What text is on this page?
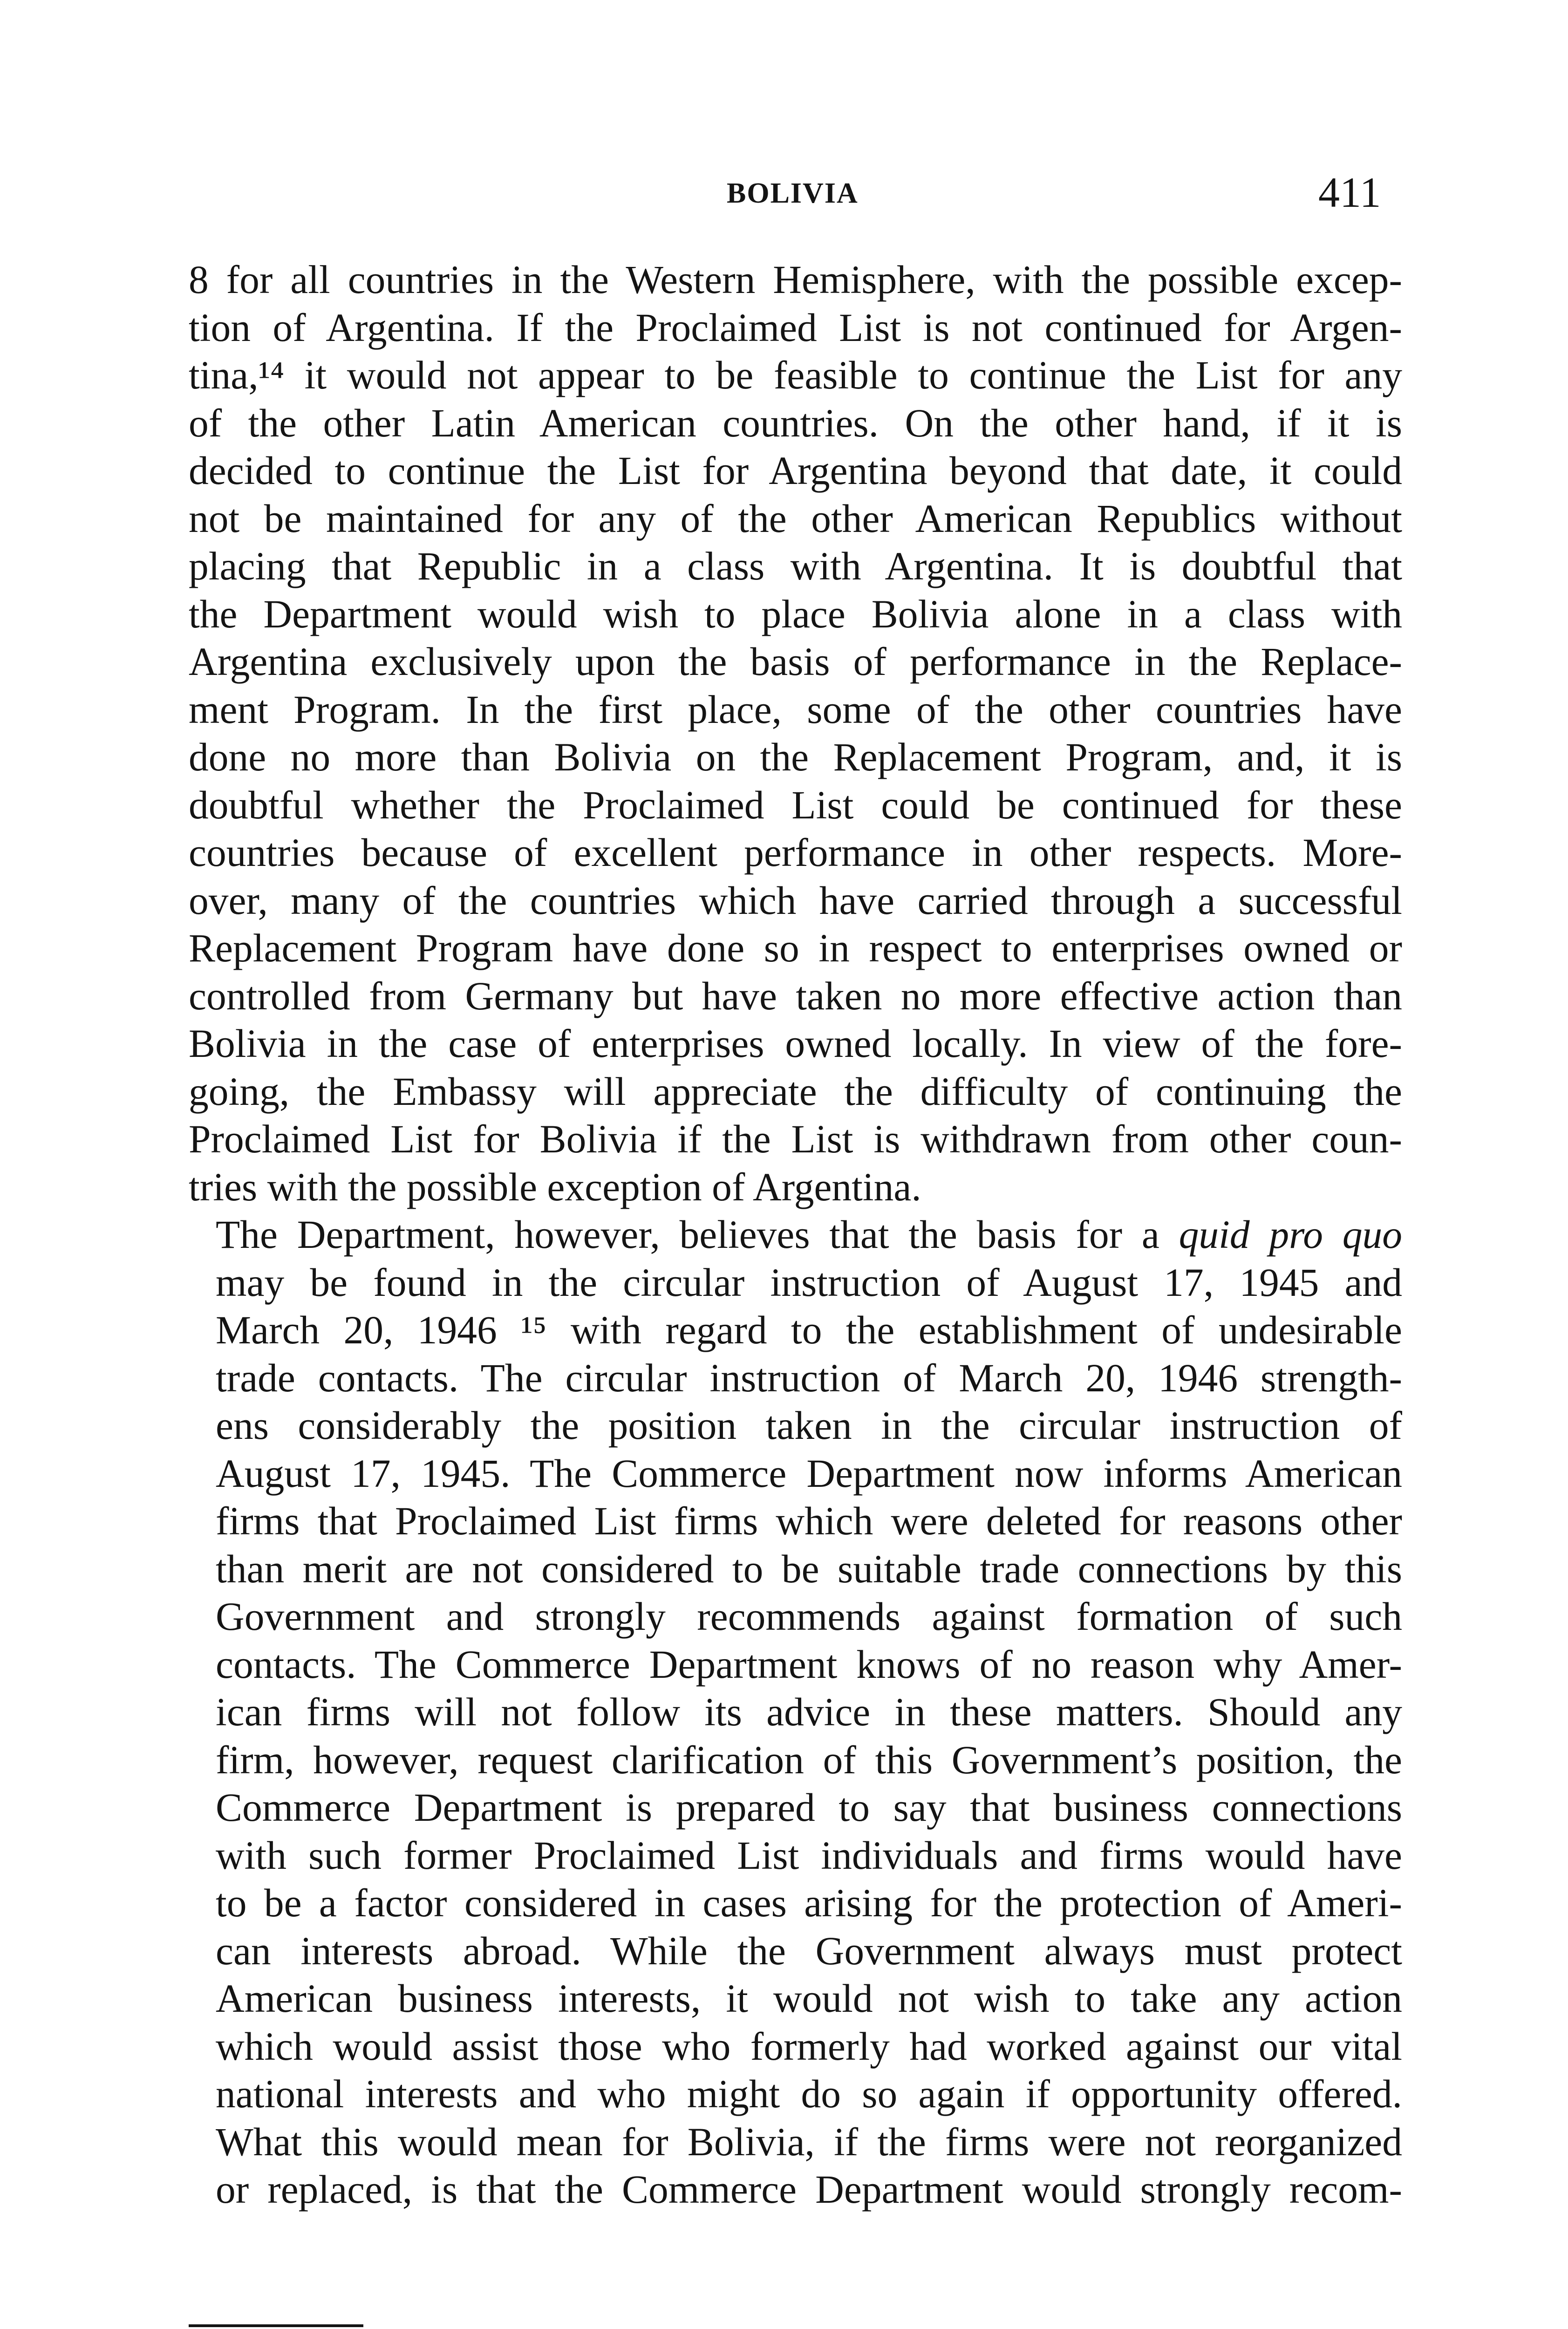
BOLIVIA	411

8 for all countries in the Western Hemisphere, with the possible excep-
tion of Argentina. If the Proclaimed List is not continued for Argen-
tina,¹⁴ it would not appear to be feasible to continue the List for any
of the other Latin American countries. On the other hand, if it is
decided to continue the List for Argentina beyond that date, it could
not be maintained for any of the other American Republics without
placing that Republic in a class with Argentina. It is doubtful that
the Department would wish to place Bolivia alone in a class with
Argentina exclusively upon the basis of performance in the Replace-
ment Program. In the first place, some of the other countries have
done no more than Bolivia on the Replacement Program, and, it is
doubtful whether the Proclaimed List could be continued for these
countries because of excellent performance in other respects. More-
over, many of the countries which have carried through a successful
Replacement Program have done so in respect to enterprises owned or
controlled from Germany but have taken no more effective action than
Bolivia in the case of enterprises owned locally. In view of the fore-
going, the Embassy will appreciate the difficulty of continuing the
Proclaimed List for Bolivia if the List is withdrawn from other coun-
tries with the possible exception of Argentina.

The Department, however, believes that the basis for a quid pro quo
may be found in the circular instruction of August 17, 1945 and
March 20, 1946 ¹⁵ with regard to the establishment of undesirable
trade contacts. The circular instruction of March 20, 1946 strength-
ens considerably the position taken in the circular instruction of
August 17, 1945. The Commerce Department now informs American
firms that Proclaimed List firms which were deleted for reasons other
than merit are not considered to be suitable trade connections by this
Government and strongly recommends against formation of such
contacts. The Commerce Department knows of no reason why Amer-
ican firms will not follow its advice in these matters. Should any
firm, however, request clarification of this Government’s position, the
Commerce Department is prepared to say that business connections
with such former Proclaimed List individuals and firms would have
to be a factor considered in cases arising for the protection of Ameri-
can interests abroad. While the Government always must protect
American business interests, it would not wish to take any action
which would assist those who formerly had worked against our vital
national interests and who might do so again if opportunity offered.
What this would mean for Bolivia, if the firms were not reorganized
or replaced, is that the Commerce Department would strongly recom-
